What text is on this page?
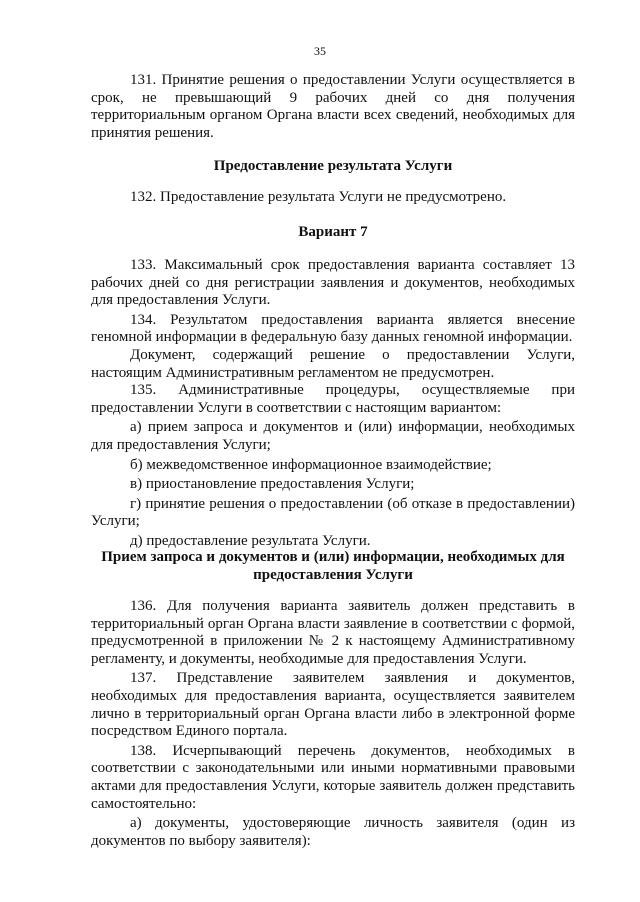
35

131. Принятие решения о предоставлении Услуги осуществляется в срок, не превышающий 9 рабочих дней со дня получения территориальным органом Органа власти всех сведений, необходимых для принятия решения.

Предоставление результата Услуги

132. Предоставление результата Услуги не предусмотрено.

Вариант 7

133. Максимальный срок предоставления варианта составляет 13 рабочих дней со дня регистрации заявления и документов, необходимых для предоставления Услуги.

134. Результатом предоставления варианта является внесение геномной информации в федеральную базу данных геномной информации.

Документ, содержащий решение о предоставлении Услуги, настоящим Административным регламентом не предусмотрен.

135. Административные процедуры, осуществляемые при предоставлении Услуги в соответствии с настоящим вариантом:

а) прием запроса и документов и (или) информации, необходимых для предоставления Услуги;

б) межведомственное информационное взаимодействие;

в) приостановление предоставления Услуги;

г) принятие решения о предоставлении (об отказе в предоставлении) Услуги;

д) предоставление результата Услуги.

Прием запроса и документов и (или) информации, необходимых для предоставления Услуги

136. Для получения варианта заявитель должен представить в территориальный орган Органа власти заявление в соответствии с формой, предусмотренной в приложении № 2 к настоящему Административному регламенту, и документы, необходимые для предоставления Услуги.

137. Представление заявителем заявления и документов, необходимых для предоставления варианта, осуществляется заявителем лично в территориальный орган Органа власти либо в электронной форме посредством Единого портала.

138. Исчерпывающий перечень документов, необходимых в соответствии с законодательными или иными нормативными правовыми актами для предоставления Услуги, которые заявитель должен представить самостоятельно:

а) документы, удостоверяющие личность заявителя (один из документов по выбору заявителя):
